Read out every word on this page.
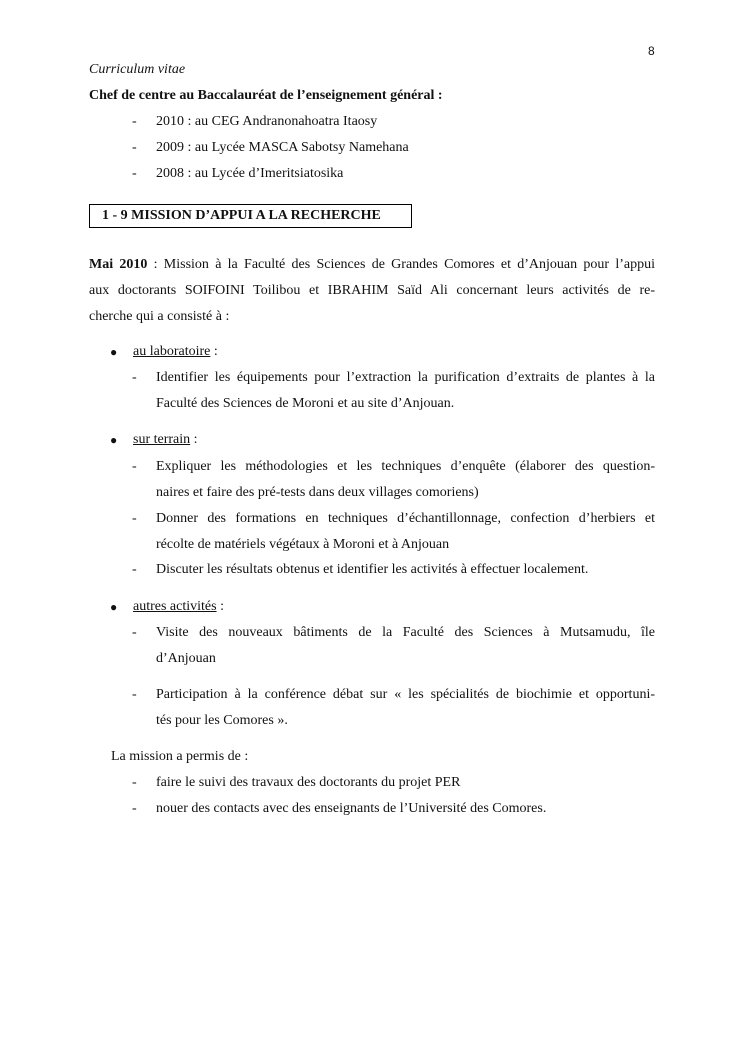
8
Curriculum vitae
Chef de centre au Baccalauréat de l’enseignement général :
- 2010 : au CEG Andranonahoatra Itaosy
- 2009 : au Lycée MASCA Sabotsy Namehana
- 2008 : au Lycée d’Imeritsiatosika
1 - 9 MISSION D’APPUI A LA RECHERCHE
Mai 2010 : Mission à la Faculté des Sciences de Grandes Comores et d’Anjouan pour l’appui
aux doctorants SOIFOINI Toilibou et IBRAHIM Saïd Ali concernant leurs activités de re-
cherche qui a consisté à :
● au laboratoire :
- Identifier les équipements pour l’extraction la purification d’extraits de plantes à la
Faculté des Sciences de Moroni et au site d’Anjouan.
● sur terrain :
- Expliquer les méthodologies et les techniques d’enquête (élaborer des question-
naires et faire des pré-tests dans deux villages comoriens)
- Donner des formations en techniques d’échantillonnage, confection d’herbiers et
récolte de matériels végétaux à Moroni et à Anjouan
- Discuter les résultats obtenus et identifier les activités à effectuer localement.
● autres activités :
- Visite des nouveaux bâtiments de la Faculté des Sciences à Mutsamudu, île
d’Anjouan
- Participation à la conférence débat sur « les spécialités de biochimie et opportuni-
tés pour les Comores ».
La mission a permis de :
- faire le suivi des travaux des doctorants du projet PER
- nouer des contacts avec des enseignants de l’Université des Comores.
